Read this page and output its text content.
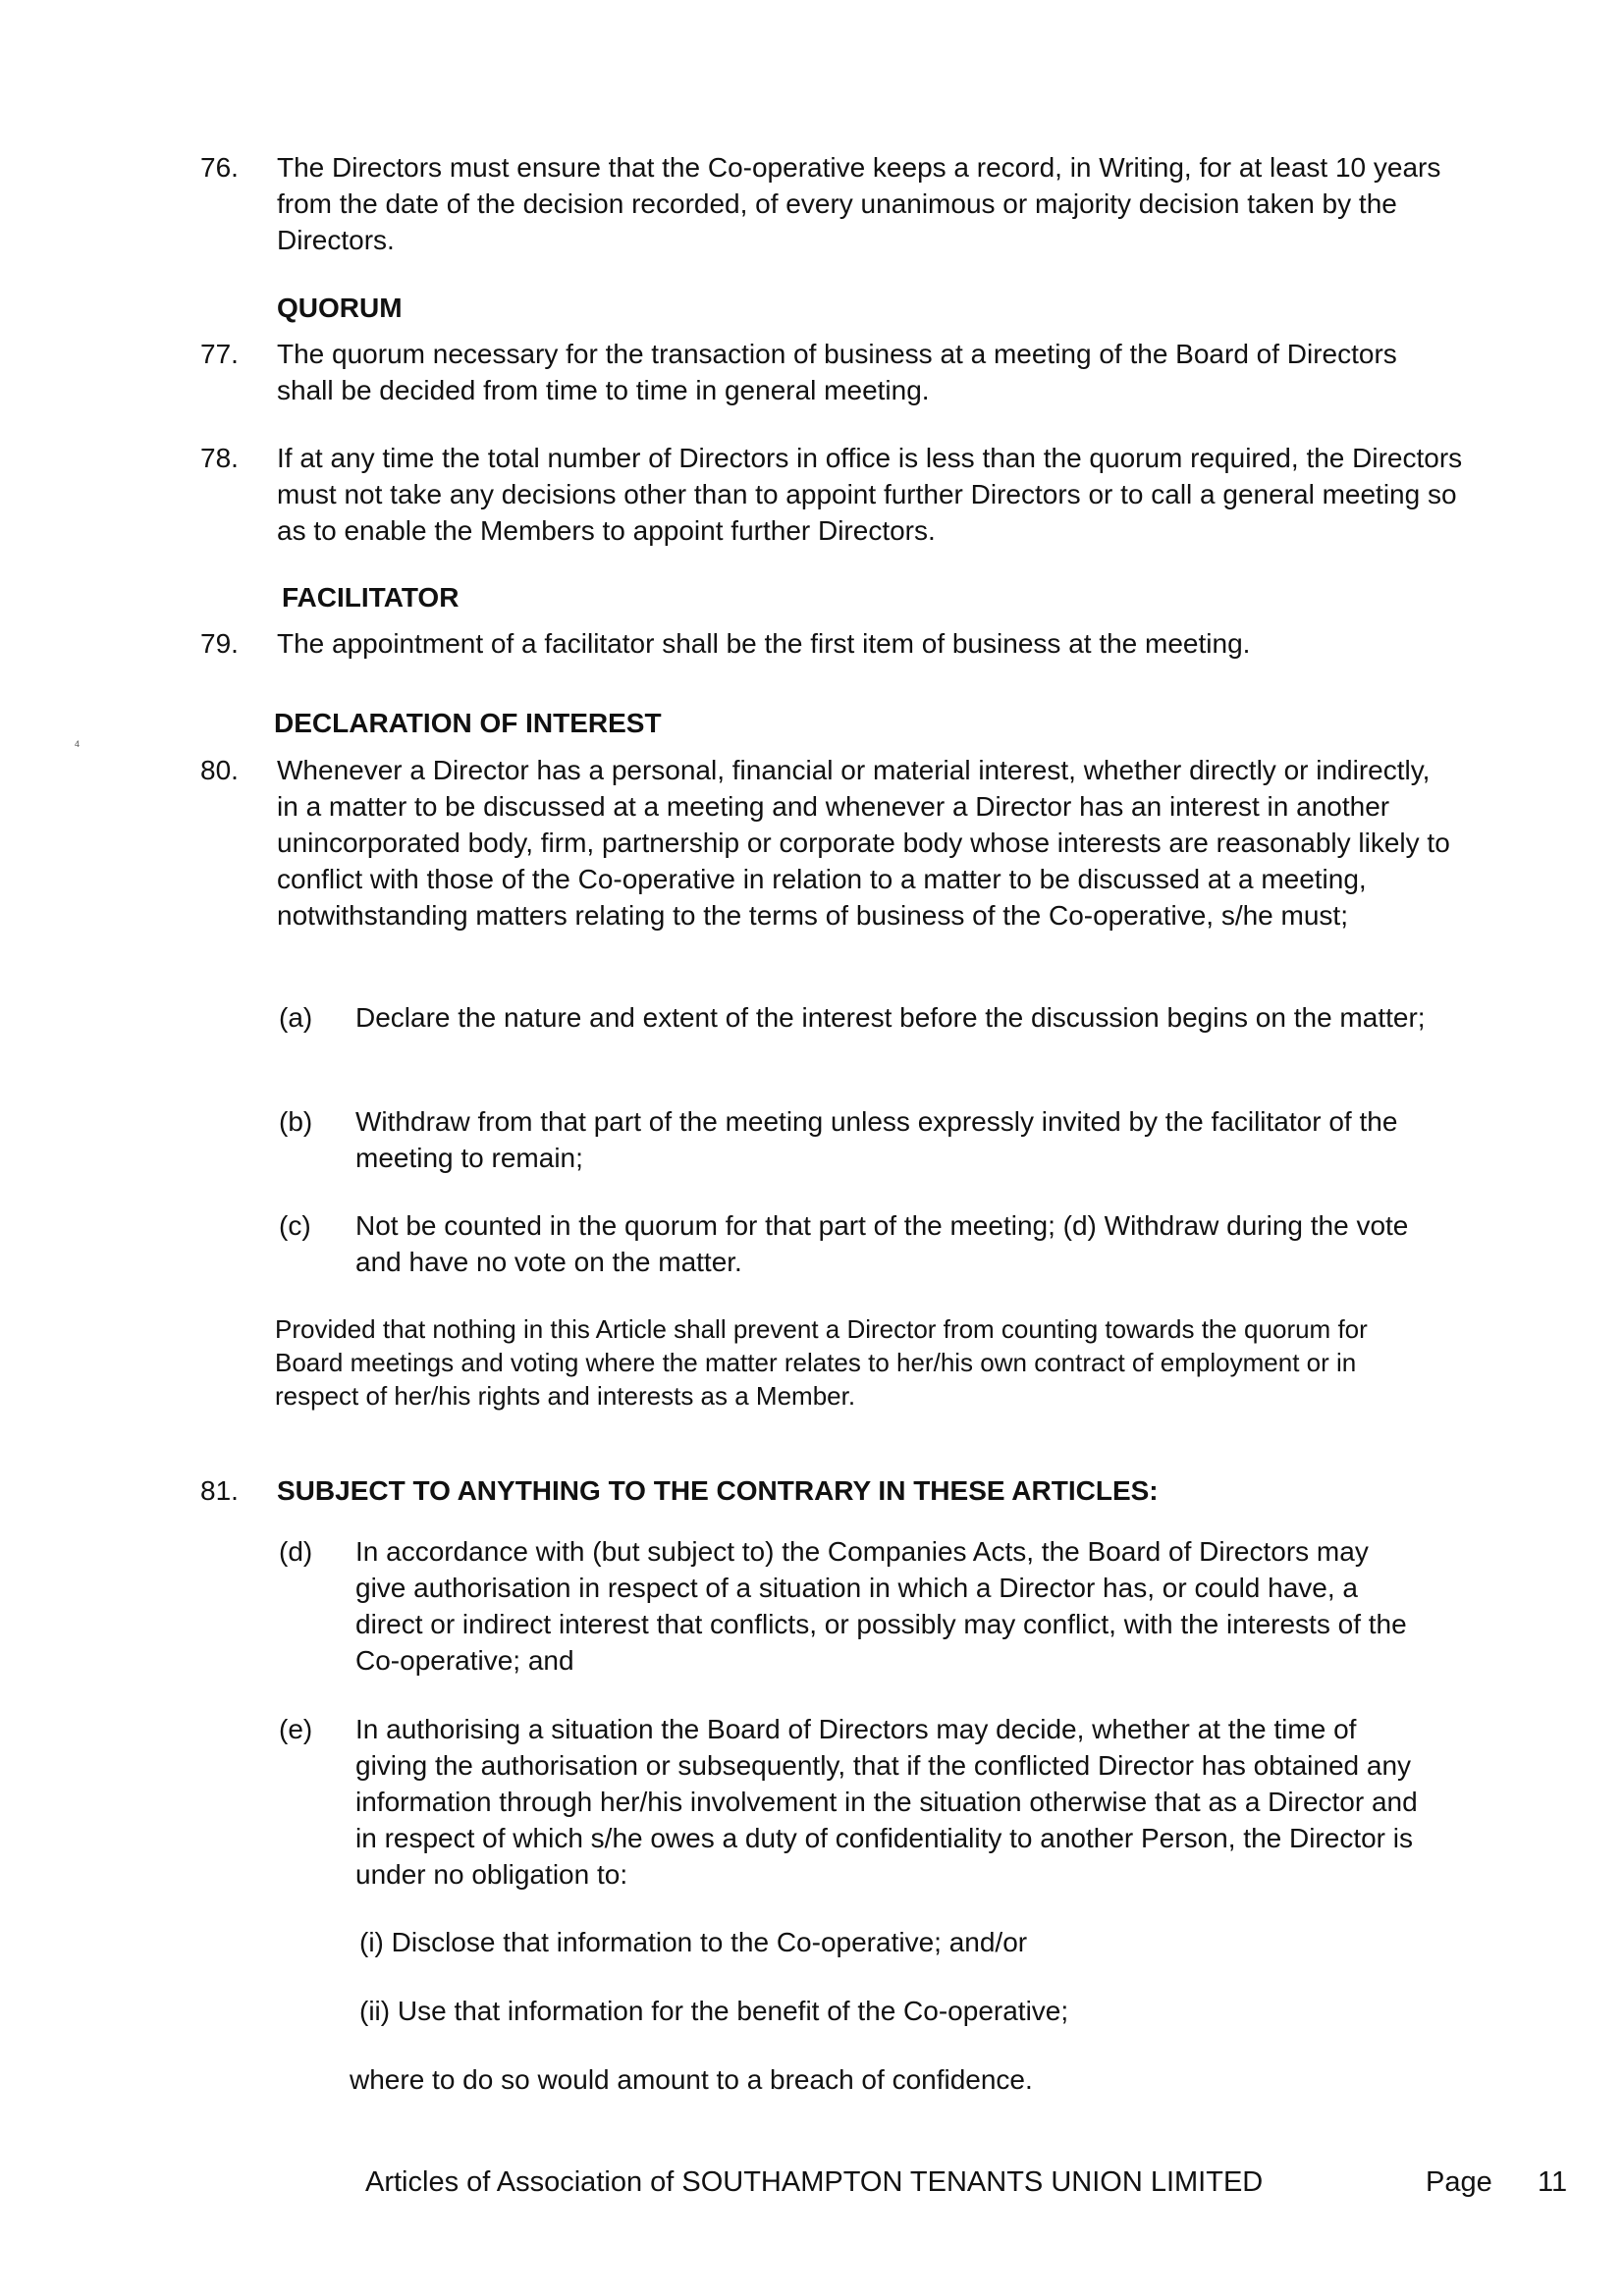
76. The Directors must ensure that the Co-operative keeps a record, in Writing, for at least 10 years from the date of the decision recorded, of every unanimous or majority decision taken by the Directors.
QUORUM
77. The quorum necessary for the transaction of business at a meeting of the Board of Directors shall be decided from time to time in general meeting.
78. If at any time the total number of Directors in office is less than the quorum required, the Directors must not take any decisions other than to appoint further Directors or to call a general meeting so as to enable the Members to appoint further Directors.
FACILITATOR
79. The appointment of a facilitator shall be the first item of business at the meeting.
DECLARATION OF INTEREST
4
80. Whenever a Director has a personal, financial or material interest, whether directly or indirectly, in a matter to be discussed at a meeting and whenever a Director has an interest in another unincorporated body, firm, partnership or corporate body whose interests are reasonably likely to conflict with those of the Co-operative in relation to a matter to be discussed at a meeting, notwithstanding matters relating to the terms of business of the Co-operative, s/he must;
(a) Declare the nature and extent of the interest before the discussion begins on the matter;
(b) Withdraw from that part of the meeting unless expressly invited by the facilitator of the meeting to remain;
(c) Not be counted in the quorum for that part of the meeting; (d) Withdraw during the vote and have no vote on the matter.
Provided that nothing in this Article shall prevent a Director from counting towards the quorum for Board meetings and voting where the matter relates to her/his own contract of employment or in respect of her/his rights and interests as a Member.
81. SUBJECT TO ANYTHING TO THE CONTRARY IN THESE ARTICLES:
(d) In accordance with (but subject to) the Companies Acts, the Board of Directors may give authorisation in respect of a situation in which a Director has, or could have, a direct or indirect interest that conflicts, or possibly may conflict, with the interests of the Co-operative; and
(e) In authorising a situation the Board of Directors may decide, whether at the time of giving the authorisation or subsequently, that if the conflicted Director has obtained any information through her/his involvement in the situation otherwise that as a Director and in respect of which s/he owes a duty of confidentiality to another Person, the Director is under no obligation to:
(i) Disclose that information to the Co-operative; and/or
(ii) Use that information for the benefit of the Co-operative;
where to do so would amount to a breach of confidence.
Articles of Association of SOUTHAMPTON TENANTS UNION LIMITED	Page 11
